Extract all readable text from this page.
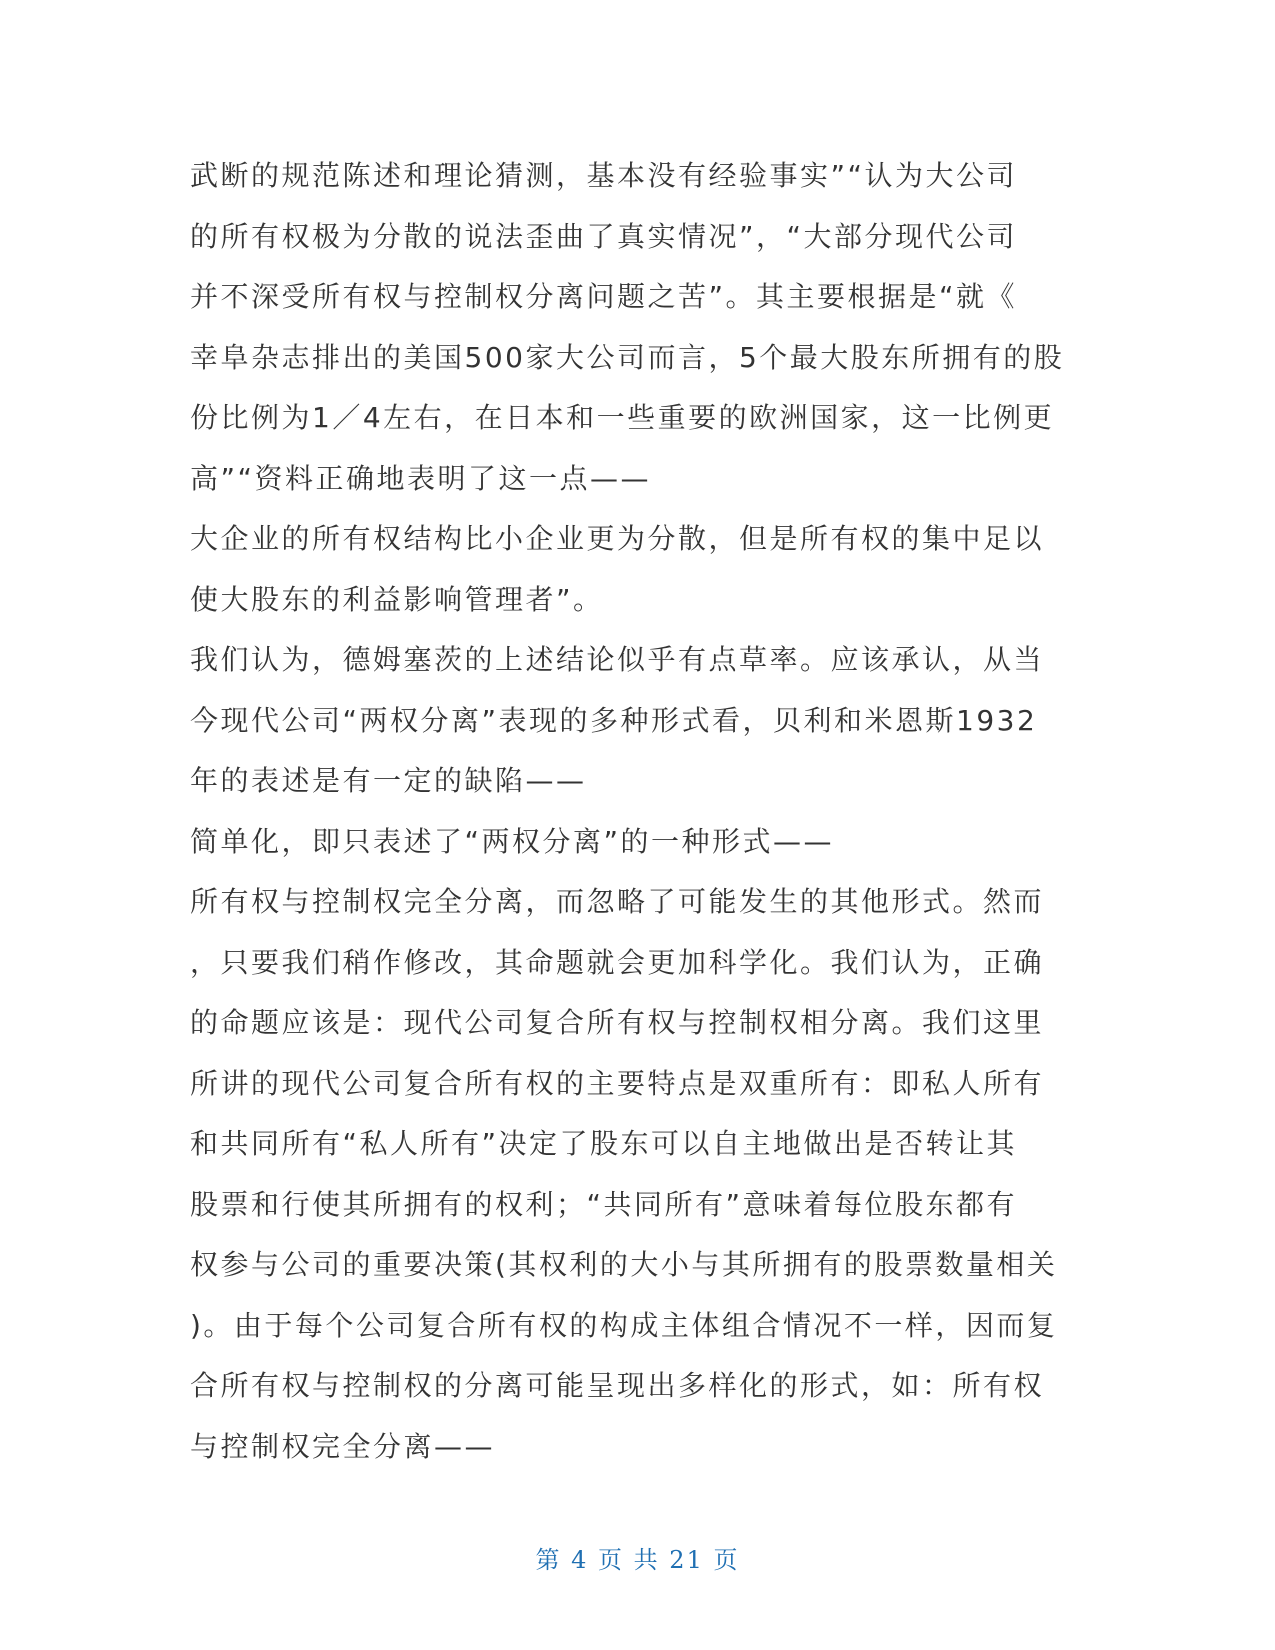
武断的规范陈述和理论猜测，基本没有经验事实”“认为大公司
的所有权极为分散的说法歪曲了真实情况”，“大部分现代公司
并不深受所有权与控制权分离问题之苦”。其主要根据是“就《
幸阜杂志排出的美国500家大公司而言，5个最大股东所拥有的股
份比例为1／4左右，在日本和一些重要的欧洲国家，这一比例更
高”“资料正确地表明了这一点——
大企业的所有权结构比小企业更为分散，但是所有权的集中足以
使大股东的利益影响管理者”。
我们认为，德姆塞茨的上述结论似乎有点草率。应该承认，从当
今现代公司“两权分离”表现的多种形式看，贝利和米恩斯1932
年的表述是有一定的缺陷——
简单化，即只表述了“两权分离”的一种形式——
所有权与控制权完全分离，而忽略了可能发生的其他形式。然而
，只要我们稍作修改，其命题就会更加科学化。我们认为，正确
的命题应该是：现代公司复合所有权与控制权相分离。我们这里
所讲的现代公司复合所有权的主要特点是双重所有：即私人所有
和共同所有“私人所有”决定了股东可以自主地做出是否转让其
股票和行使其所拥有的权利；“共同所有”意味着每位股东都有
权参与公司的重要决策(其权利的大小与其所拥有的股票数量相关
)。由于每个公司复合所有权的构成主体组合情况不一样，因而复
合所有权与控制权的分离可能呈现出多样化的形式，如：所有权
与控制权完全分离——
第 4 页 共 21 页
